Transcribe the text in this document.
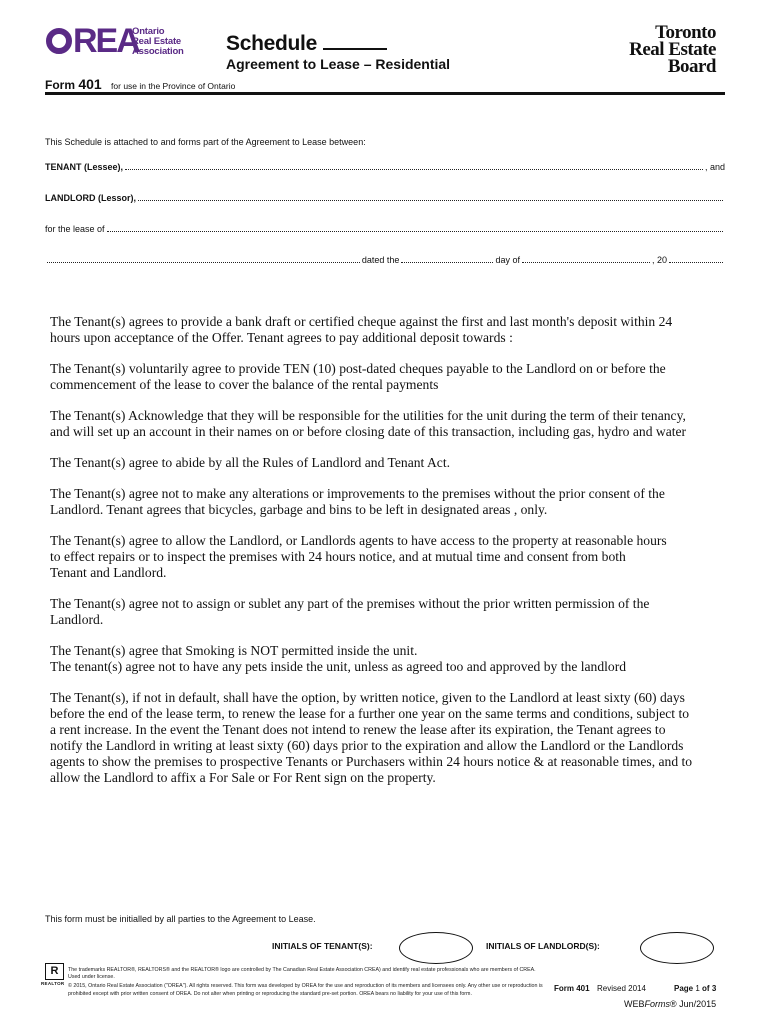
REA
Ontario
Real Estate
Association
Form 401 for use in the Province of Ontario
Schedule
Agreement to Lease – Residential
Toronto
Real Estate
Board
This Schedule is attached to and forms part of the Agreement to Lease between:
TENANT (Lessee),	, and
LANDLORD (Lessor),
for the lease of
dated the	day of	, 20

The Tenant(s) agrees to provide a bank draft or certified cheque against the first and last month's deposit within 24
hours upon acceptance of the Offer. Tenant agrees to pay additional deposit towards :

The Tenant(s) voluntarily agree to provide TEN (10) post-dated cheques payable to the Landlord on or before the
commencement of the lease to cover the balance of the rental payments

The Tenant(s) Acknowledge that they will be responsible for the utilities for the unit during the term of their tenancy,
and will set up an account in their names on or before closing date of this transaction, including gas, hydro and water

The Tenant(s) agree to abide by all the Rules of Landlord and Tenant Act.

The Tenant(s) agree not to make any alterations or improvements to the premises without the prior consent of the
Landlord. Tenant agrees that bicycles, garbage and bins to be left in designated areas , only.

The Tenant(s) agree to allow the Landlord, or Landlords agents to have access to the property at reasonable hours
to effect repairs or to inspect the premises with 24 hours notice, and at mutual time and consent from both
Tenant and Landlord.

The Tenant(s) agree not to assign or sublet any part of the premises without the prior written permission of the
Landlord.

The Tenant(s) agree that Smoking is NOT permitted inside the unit.
The tenant(s) agree not to have any pets inside the unit, unless as agreed too and approved by the landlord

The Tenant(s), if not in default, shall have the option, by written notice, given to the Landlord at least sixty (60) days
before the end of the lease term, to renew the lease for a further one year on the same terms and conditions, subject to
a rent increase. In the event the Tenant does not intend to renew the lease after its expiration, the Tenant agrees to
notify the Landlord in writing at least sixty (60) days prior to the expiration and allow the Landlord or the Landlords
agents to show the premises to prospective Tenants or Purchasers within 24 hours notice & at reasonable times, and to
allow the Landlord to affix a For Sale or For Rent sign on the property.

This form must be initialled by all parties to the Agreement to Lease.
INITIALS OF TENANT(S):	INITIALS OF LANDLORD(S):
R
REALTOR

The trademarks REALTOR®, REALTORS® and the REALTOR® logo are controlled by The Canadian Real Estate Association CREA) and identify real estate professionals who are members of CREA. Used under license.

© 2015, Ontario Real Estate Association ("OREA"). All rights reserved. This form was developed by OREA for the use and reproduction of its members and licensees only. Any other use or reproduction is prohibited except with prior written consent of OREA. Do not alter when printing or reproducing the standard pre-set portion. OREA bears no liability for your use of this form.

Form 401 Revised 2014	Page 1 of 3
WEBForms® Jun/2015
